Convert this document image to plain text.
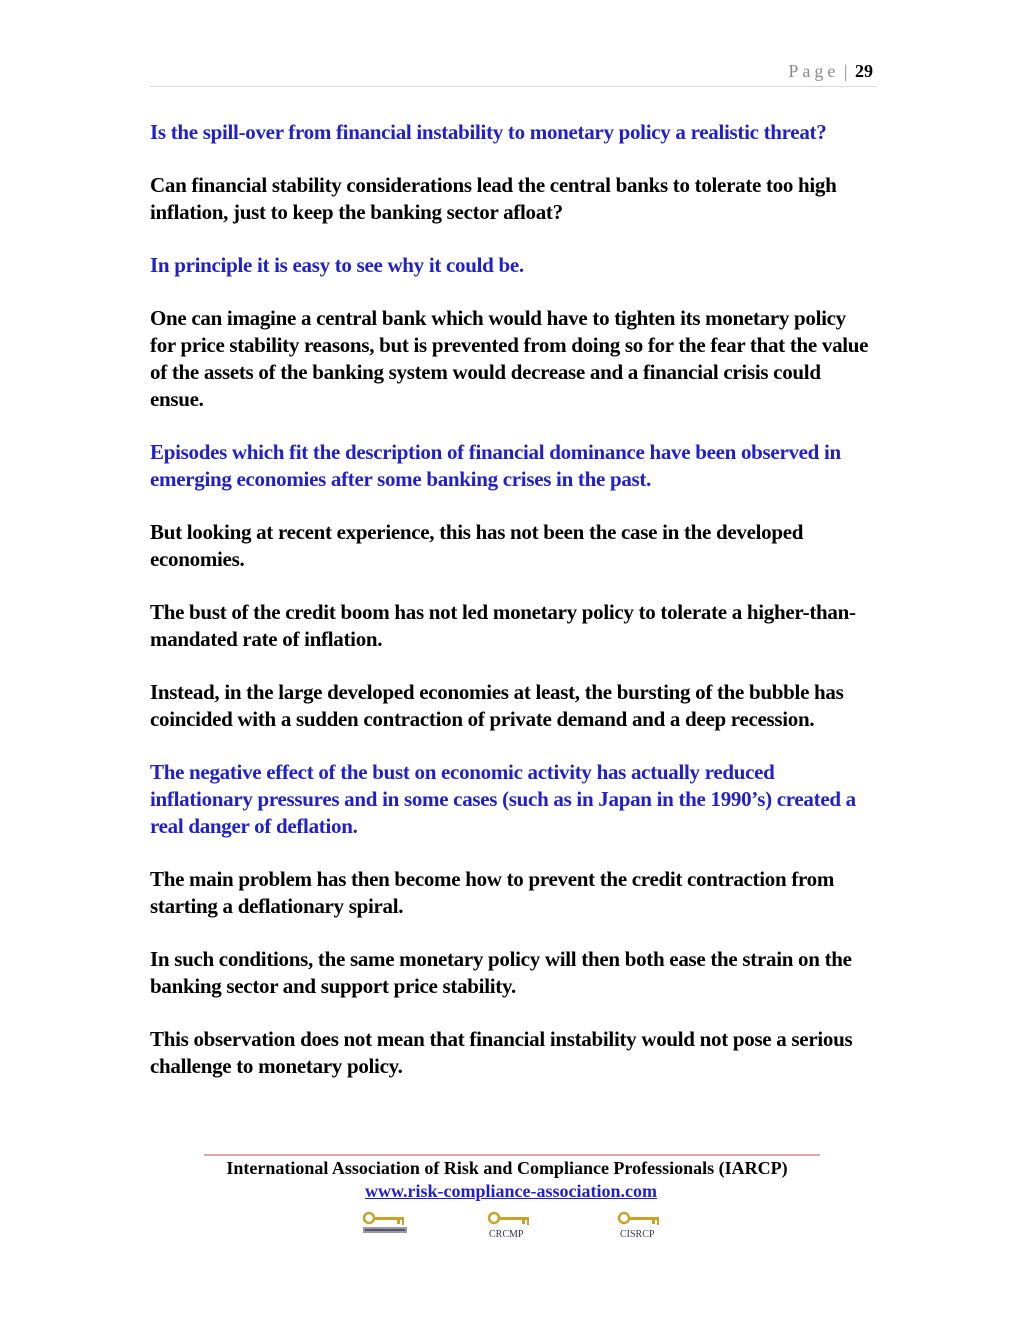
Page | 29

Is the spill-over from financial instability to monetary policy a realistic threat?

Can financial stability considerations lead the central banks to tolerate too high inflation, just to keep the banking sector afloat?

In principle it is easy to see why it could be.

One can imagine a central bank which would have to tighten its monetary policy for price stability reasons, but is prevented from doing so for the fear that the value of the assets of the banking system would decrease and a financial crisis could ensue.

Episodes which fit the description of financial dominance have been observed in emerging economies after some banking crises in the past.

But looking at recent experience, this has not been the case in the developed economies.

The bust of the credit boom has not led monetary policy to tolerate a higher-than-mandated rate of inflation.

Instead, in the large developed economies at least, the bursting of the bubble has coincided with a sudden contraction of private demand and a deep recession.

The negative effect of the bust on economic activity has actually reduced inflationary pressures and in some cases (such as in Japan in the 1990’s) created a real danger of deflation.

The main problem has then become how to prevent the credit contraction from starting a deflationary spiral.

In such conditions, the same monetary policy will then both ease the strain on the banking sector and support price stability.

This observation does not mean that financial instability would not pose a serious challenge to monetary policy.

International Association of Risk and Compliance Professionals (IARCP)
www.risk-compliance-association.com
CRCMP	CISRCP
